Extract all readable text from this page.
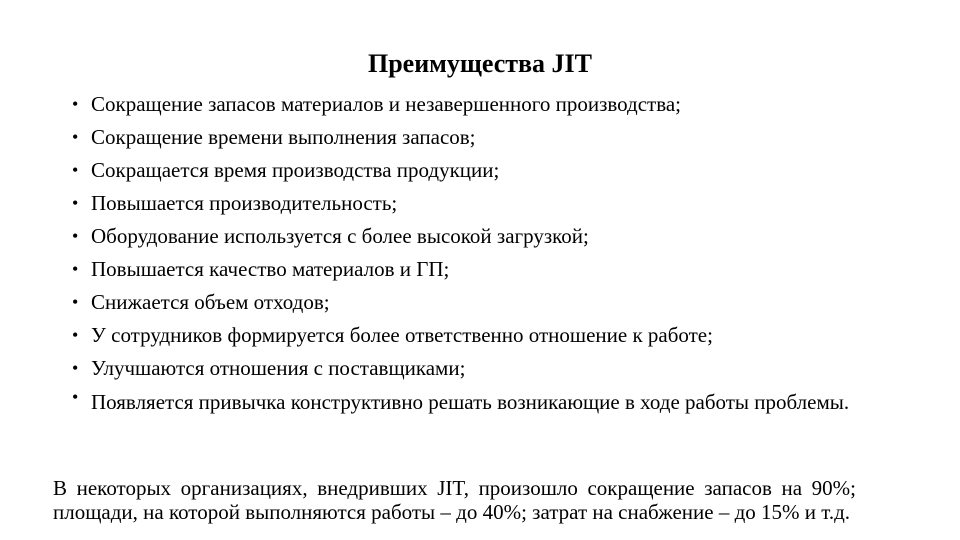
Преимущества JIT
• Сокращение запасов материалов и незавершенного производства;
• Сокращение времени выполнения запасов;
• Сокращается время производства продукции;
• Повышается производительность;
• Оборудование используется с более высокой загрузкой;
• Повышается качество материалов и ГП;
• Снижается объем отходов;
• У сотрудников формируется более ответственно отношение к работе;
• Улучшаются отношения с поставщиками;
• Появляется привычка конструктивно решать возникающие в ходе работы проблемы.
В некоторых организациях, внедривших JIT, произошло сокращение запасов на 90%; площади, на которой выполняются работы – до 40%; затрат на снабжение – до 15% и т.д.
